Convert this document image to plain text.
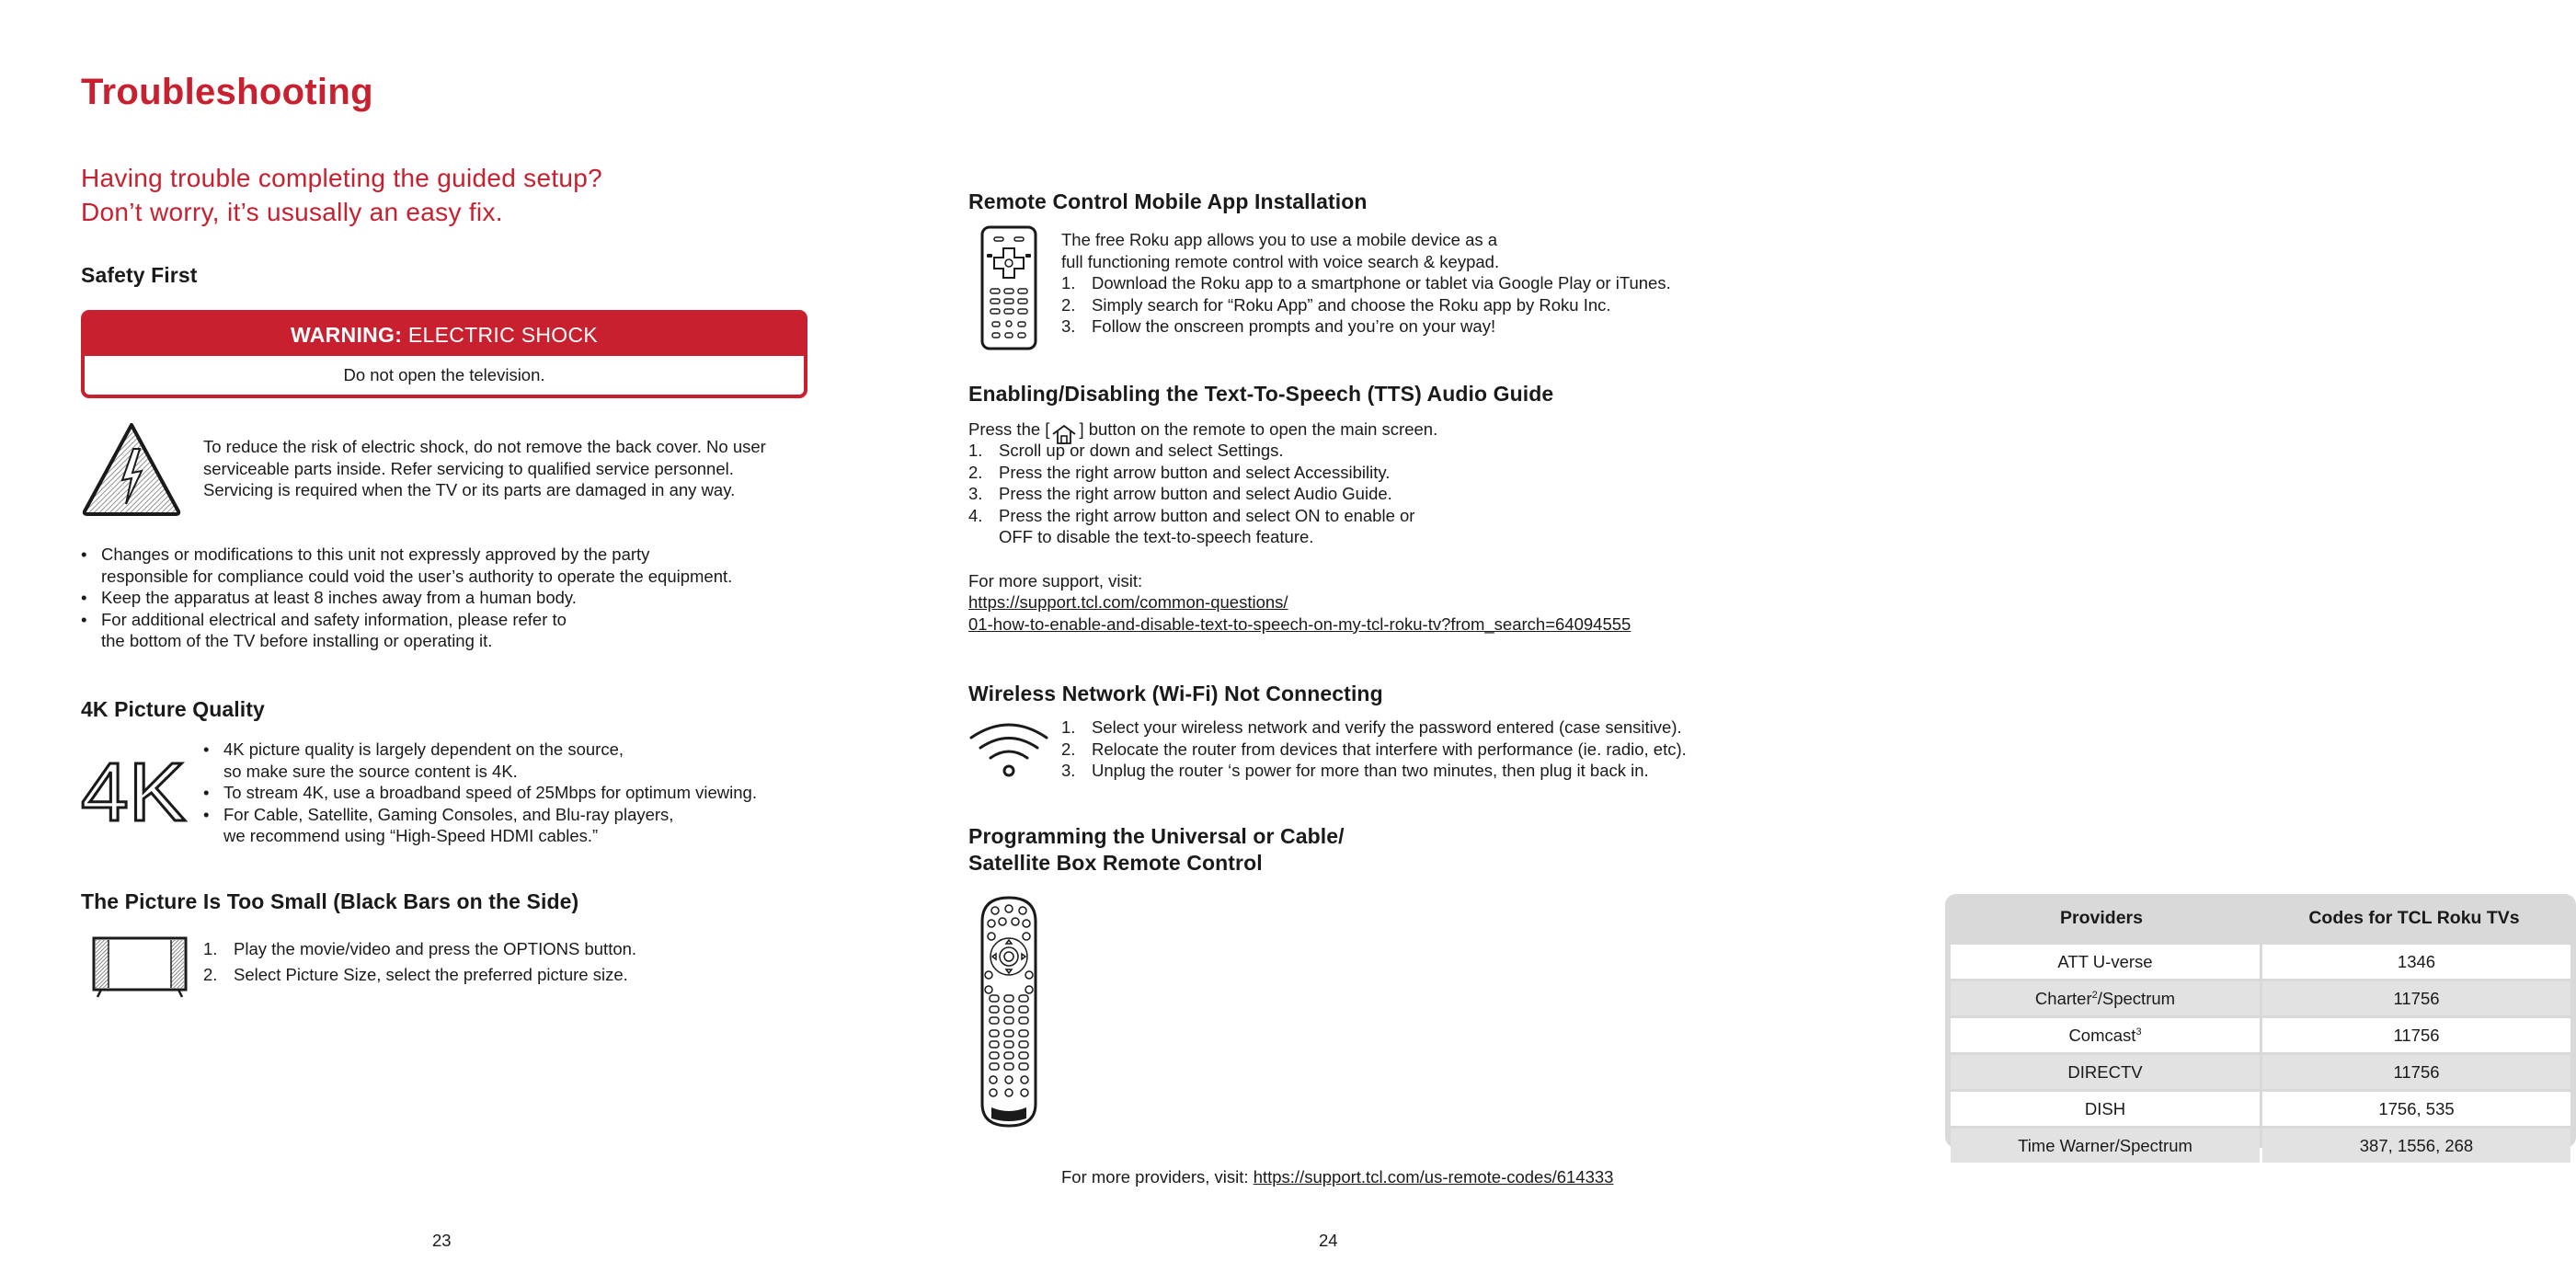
Troubleshooting
Having trouble completing the guided setup?
Don’t worry, it’s ususally an easy fix.
Safety First
WARNING: ELECTRIC SHOCK
Do not open the television.
To reduce the risk of electric shock, do not remove the back cover. No user
serviceable parts inside. Refer servicing to qualified service personnel.
Servicing is required when the TV or its parts are damaged in any way.
• Changes or modifications to this unit not expressly approved by the party
responsible for compliance could void the user’s authority to operate the equipment.
• Keep the apparatus at least 8 inches away from a human body.
• For additional electrical and safety information, please refer to
the bottom of the TV before installing or operating it.
4K Picture Quality
4K • 4K picture quality is largely dependent on the source,
so make sure the source content is 4K.
• To stream 4K, use a broadband speed of 25Mbps for optimum viewing.
• For Cable, Satellite, Gaming Consoles, and Blu-ray players,
we recommend using “High-Speed HDMI cables.”
The Picture Is Too Small (Black Bars on the Side)
1. Play the movie/video and press the OPTIONS button.
2. Select Picture Size, select the preferred picture size.
23
Remote Control Mobile App Installation
The free Roku app allows you to use a mobile device as a
full functioning remote control with voice search & keypad.
1. Download the Roku app to a smartphone or tablet via Google Play or iTunes.
2. Simply search for “Roku App” and choose the Roku app by Roku Inc.
3. Follow the onscreen prompts and you’re on your way!
Enabling/Disabling the Text-To-Speech (TTS) Audio Guide
Press the [ ] button on the remote to open the main screen.
1. Scroll up or down and select Settings.
2. Press the right arrow button and select Accessibility.
3. Press the right arrow button and select Audio Guide.
4. Press the right arrow button and select ON to enable or
OFF to disable the text-to-speech feature.
For more support, visit:
https://support.tcl.com/common-questions/
01-how-to-enable-and-disable-text-to-speech-on-my-tcl-roku-tv?from_search=64094555
Wireless Network (Wi-Fi) Not Connecting
1. Select your wireless network and verify the password entered (case sensitive).
2. Relocate the router from devices that interfere with performance (ie. radio, etc).
3. Unplug the router ‘s power for more than two minutes, then plug it back in.
Programming the Universal or Cable/
Satellite Box Remote Control
Providers	Codes for TCL Roku TVs
ATT U-verse	1346
Charter$^2$/Spectrum	11756
Comcast$^3$	11756
DIRECTV	11756
DISH	1756, 535
Time Warner/Spectrum	387, 1556, 268
For more providers, visit: https://support.tcl.com/us-remote-codes/614333
24
